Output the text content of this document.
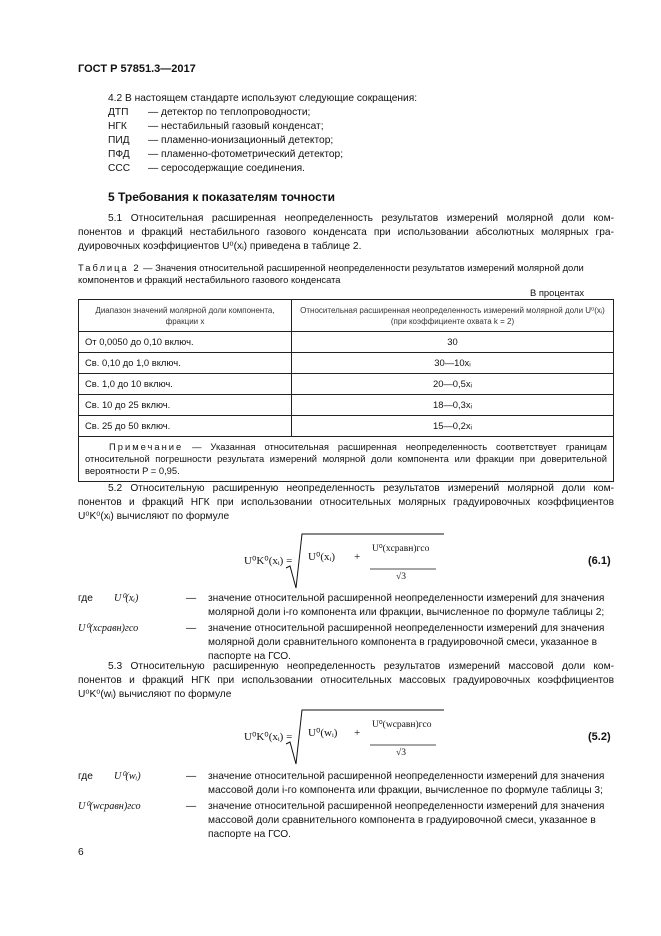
ГОСТ Р 57851.3—2017
4.2 В настоящем стандарте используют следующие сокращения:
ДТП	— детектор по теплопроводности;
НГК	— нестабильный газовый конденсат;
ПИД	— пламенно-ионизационный детектор;
ПФД	— пламенно-фотометрический детектор;
ССС	— серосодержащие соединения.
5 Требования к показателям точности
5.1 Относительная расширенная неопределенность результатов измерений молярной доли ком-
понентов и фракций нестабильного газового конденсата при использовании абсолютных молярных гра-
дуировочных коэффициентов U⁰(xᵢ) приведена в таблице 2.
Таблица 2 — Значения относительной расширенной неопределенности результатов измерений молярной доли компонентов и фракций нестабильного газового конденсата
В процентах
Диапазон значений молярной доли компонента, фракции x	Относительная расширенная неопределенность измерений молярной доли U⁰(xᵢ) (при коэффициенте охвата k = 2)
От 0,0050 до 0,10 включ.	30
Св. 0,10 до 1,0 включ.	30—10xᵢ
Св. 1,0 до 10 включ.	20—0,5xᵢ
Св. 10 до 25 включ.	18—0,3xᵢ
Св. 25 до 50 включ.	15—0,2xᵢ
Примечание — Указанная относительная расширенная неопределенность соответствует границам относительной погрешности результата измерений молярной доли компонента или фракции при доверительной вероятности P = 0,95.	
5.2 Относительную расширенную неопределенность результатов измерений молярной доли ком-
понентов и фракций НГК при использовании относительных молярных градуировочных коэффициентов
U⁰K⁰(xᵢ) вычисляют по формуле
U⁰K⁰(xᵢ) = U⁰(xᵢ) +
U⁰(xсравн)гсо
√3
(6.1)
где U⁰(xᵢ)	— значение относительной расширенной неопределенности измерений для значения
молярной доли i-го компонента или фракции, вычисленное по формуле таблицы 2;
U⁰(xсравн)гсо	— значение относительной расширенной неопределенности измерений для значения
молярной доли сравнительного компонента в градуировочной смеси, указанное в
паспорте на ГСО.
5.3 Относительную расширенную неопределенность результатов измерений массовой доли ком-
понентов и фракций НГК при использовании относительных массовых градуировочных коэффициентов
U⁰K⁰(wᵢ) вычисляют по формуле
U⁰K⁰(xᵢ) = U⁰(wᵢ) +
U⁰(wсравн)гсо
√3
(5.2)
где U⁰(wᵢ)	— значение относительной расширенной неопределенности измерений для значения
массовой доли i-го компонента или фракции, вычисленное по формуле таблицы 3;
U⁰(wсравн)гсо	— значение относительной расширенной неопределенности измерений для значения
массовой доли сравнительного компонента в градуировочной смеси, указанное в
паспорте на ГСО.
6
